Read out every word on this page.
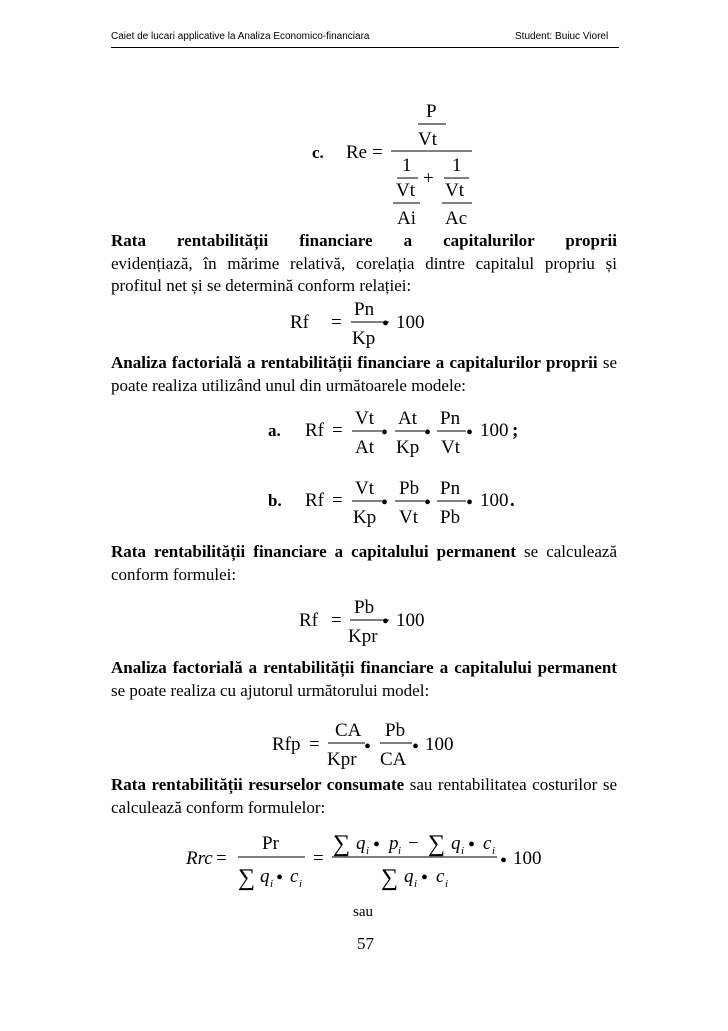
Caiet de lucari applicative la Analiza Economico-financiara	Student: Buiuc Viorel
c. Re =
P
Vt
1 1
+
Vt Vt
Ai Ac

Rata rentabilității financiare a capitalurilor proprii
evidențiază, în mărime relativă, corelația dintre capitalul propriu și profitul net și se determină conform relației:

Rf =
Pn
Kp
• 100

Analiza factorială a rentabilității financiare a capitalurilor proprii se poate realiza utilizând unul din următoarele modele:

a. Rf =
Vt
At
•
At
Kp
•
Pn
Vt
• 100 ;
b. Rf =
Vt
Kp
•
Pb
Vt
•
Pn
Pb
• 100 .

Rata rentabilității financiare a capitalului permanent se calculează conform formulei:

Rf =
Pb
Kpr
• 100

Analiza factorială a rentabilității financiare a capitalului permanent se poate realiza cu ajutorul următorului model:

Rfp =
CA
Kpr
•
Pb
CA
• 100

Rata rentabilității resurselor consumate sau rentabilitatea costurilor se calculează conform formulelor:

Rrc =
Pr
∑ q i • c i
=
∑ q i • p i − ∑ q i • c i
∑ q i • c i
• 100
sau
57
